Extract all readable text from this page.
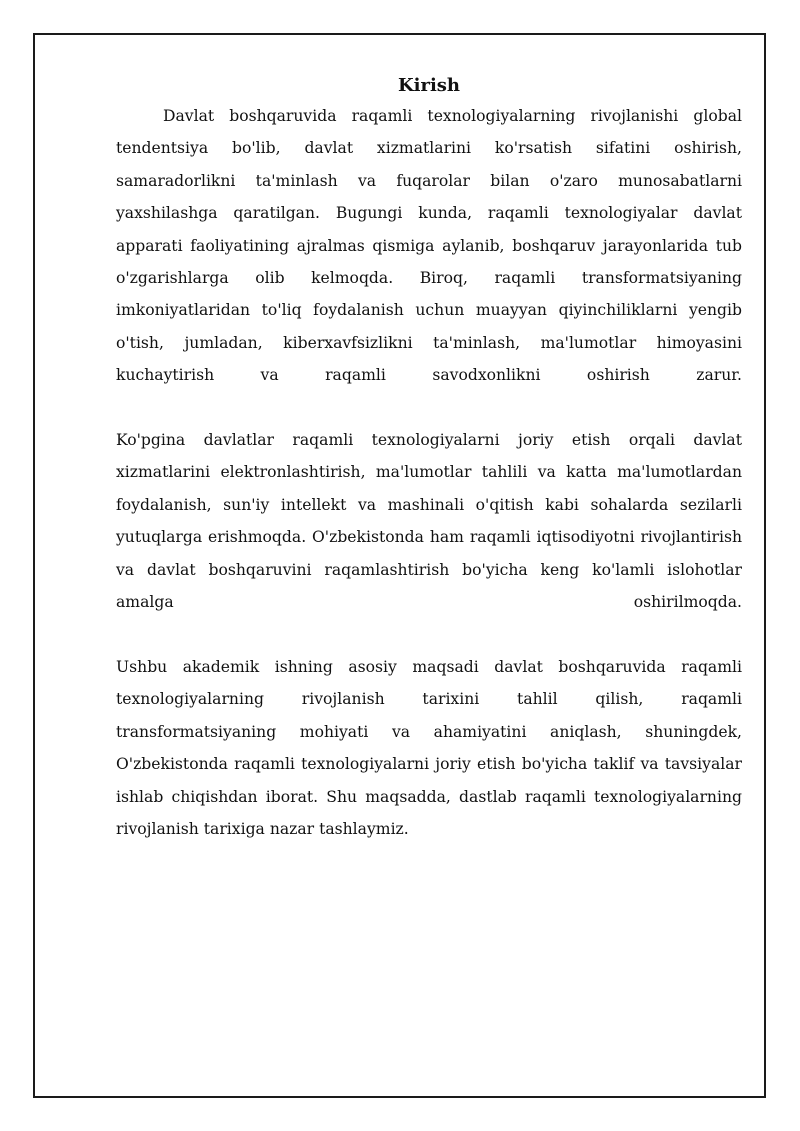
Kirish

Davlat boshqaruvida raqamli texnologiyalarning rivojlanishi global tendentsiya bo'lib, davlat xizmatlarini ko'rsatish sifatini oshirish, samaradorlikni ta'minlash va fuqarolar bilan o'zaro munosabatlarni yaxshilashga qaratilgan. Bugungi kunda, raqamli texnologiyalar davlat apparati faoliyatining ajralmas qismiga aylanib, boshqaruv jarayonlarida tub o'zgarishlarga olib kelmoqda. Biroq, raqamli transformatsiyaning imkoniyatlaridan to'liq foydalanish uchun muayyan qiyinchiliklarni yengib o'tish, jumladan, kiberxavfsizlikni ta'minlash, ma'lumotlar himoyasini kuchaytirish va raqamli savodxonlikni oshirish zarur.

Ko'pgina davlatlar raqamli texnologiyalarni joriy etish orqali davlat xizmatlarini elektronlashtirish, ma'lumotlar tahlili va katta ma'lumotlardan foydalanish, sun'iy intellekt va mashinali o'qitish kabi sohalarda sezilarli yutuqlarga erishmoqda. O'zbekistonda ham raqamli iqtisodiyotni rivojlantirish va davlat boshqaruvini raqamlashtirish bo'yicha keng ko'lamli islohotlar amalga oshirilmoqda.

Ushbu akademik ishning asosiy maqsadi davlat boshqaruvida raqamli texnologiyalarning rivojlanish tarixini tahlil qilish, raqamli transformatsiyaning mohiyati va ahamiyatini aniqlash, shuningdek, O'zbekistonda raqamli texnologiyalarni joriy etish bo'yicha taklif va tavsiyalar ishlab chiqishdan iborat. Shu maqsadda, dastlab raqamli texnologiyalarning rivojlanish tarixiga nazar tashlaymiz.
